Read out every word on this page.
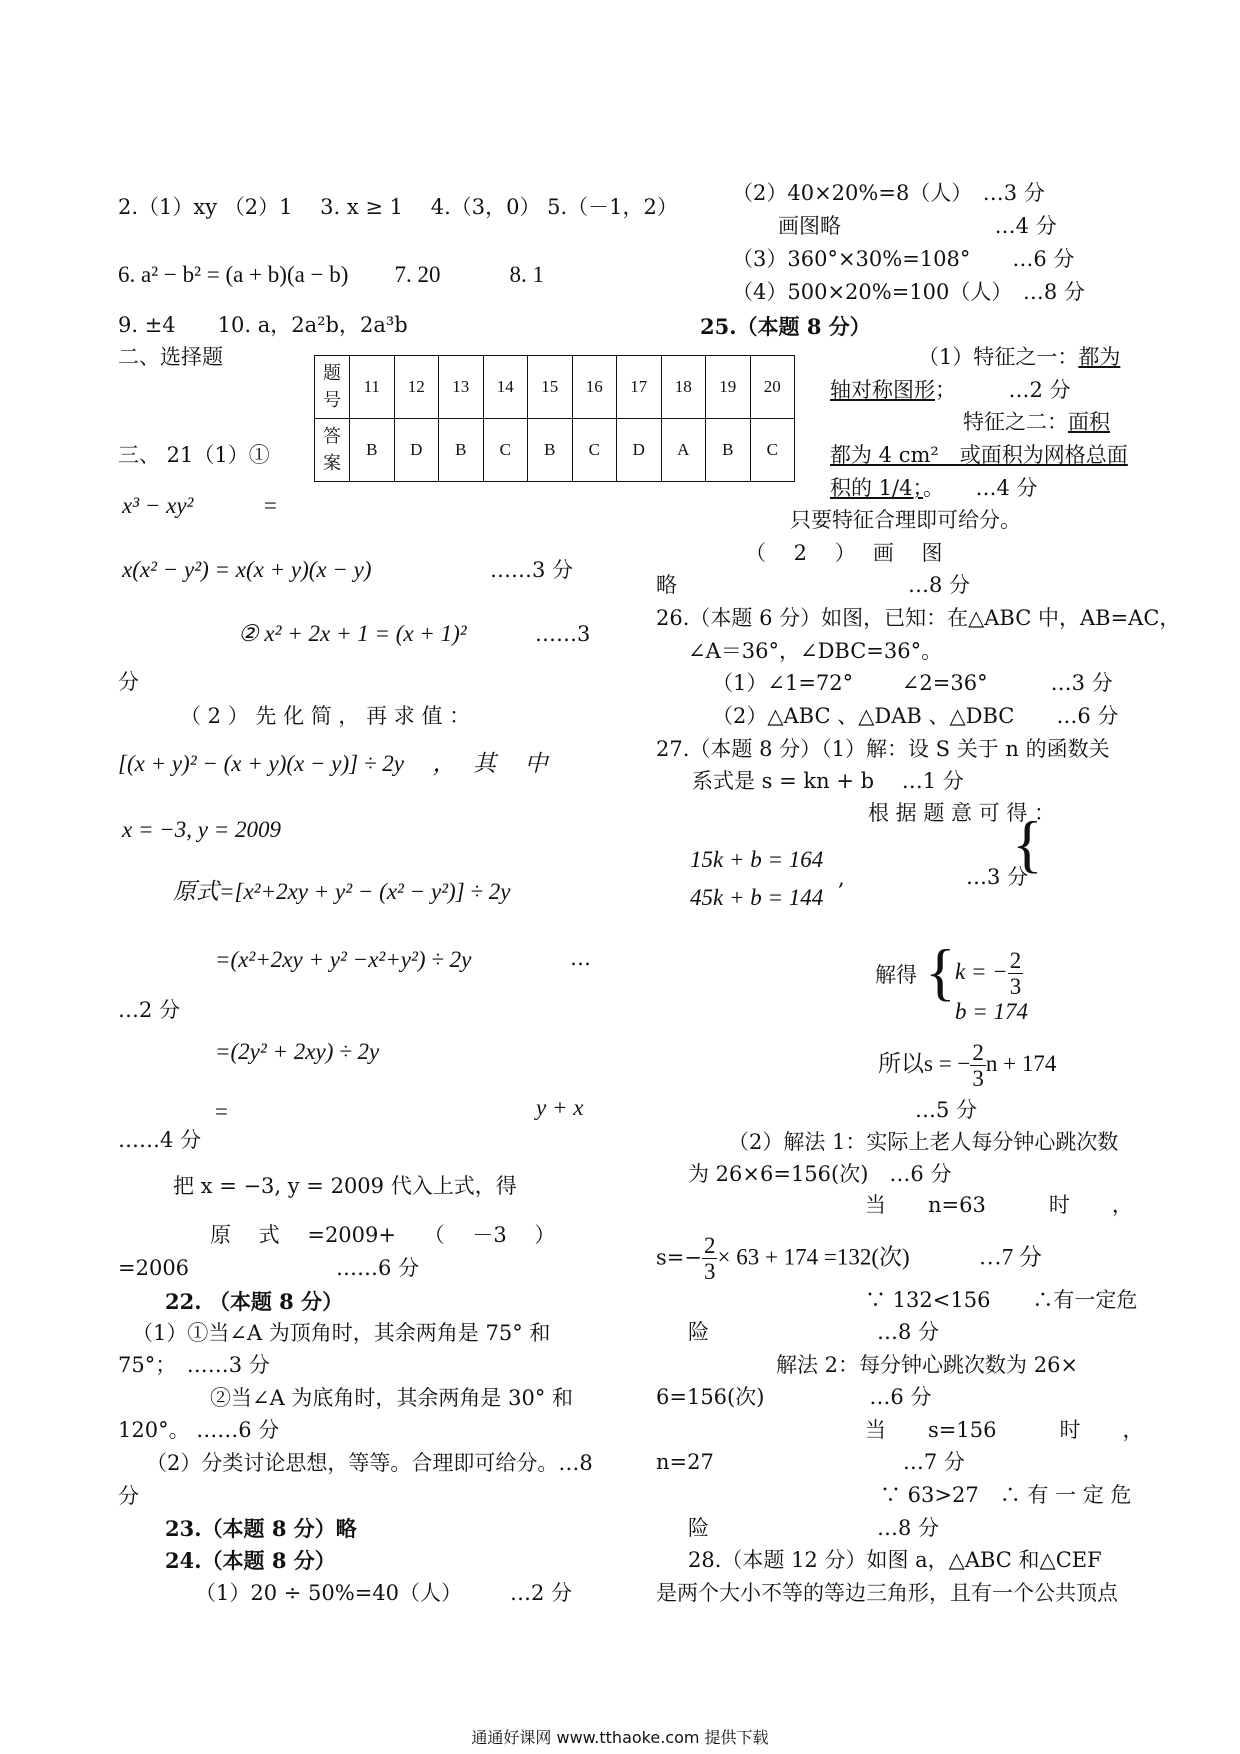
2.（1）xy （2）1　 3. x ≥ 1　 4.（3，0） 5.（－1，2）
6. a² − b² = (a + b)(a − b)　　7. 20　　　8. 1
9. ±4　　10. a，2a²b，2a³b
二、选择题
三、 21（1）①
x³ − xy²　　　=
x(x² − y²) = x(x + y)(x − y)	……3 分
② x² + 2x + 1 = (x + 1)²	……3
分
（ 2 ） 先 化 简 ， 再 求 值 ：
[(x + y)² − (x + y)(x − y)] ÷ 2y　 ，　 其　 中
x = −3, y = 2009
原式=[x²+2xy + y² − (x² − y²)] ÷ 2y
=(x²+2xy + y² −x²+y²) ÷ 2y	…
…2 分
=(2y² + 2xy) ÷ 2y
=	y + x
……4 分
把 x = −3, y = 2009 代入上式，得
原　 式　 =2009+　 （　 －3　 ）
=2006　　　　　　　……6 分
22. （本题 8 分）
（1）①当∠A 为顶角时，其余两角是 75° 和
75°；　……3 分
②当∠A 为底角时，其余两角是 30° 和
120°。 ……6 分
（2）分类讨论思想，等等。合理即可给分。…8
分
23.（本题 8 分）略
24.（本题 8 分）
（1）20 ÷ 50%=40（人） …2 分
题号	11	12	13	14	15	16	17	18	19	20
答案	B	D	B	C	B	C	D	A	B	C
（2）40×20%=8（人）　…3 分
画图略　　　　　　　 …4 分
（3）360°×30%=108°　　…6 分
（4）500×20%=100（人）　…8 分
25.（本题 8 分）
（1）特征之一：都为
轴对称图形；　　　…2 分
特征之二：面积
都为 4 cm²　或面积为网格总面
积的 1/4；。　　…4 分
只要特征合理即可给分。
（　 2　 ）　 画　 图
略　　　　　　　　　　　…8 分
26.（本题 6 分）如图，已知：在△ABC 中，AB=AC，
∠A＝36°，∠DBC=36°。
（1）∠1=72°　　 ∠2=36°　　　…3 分
（2）△ABC 、△DAB 、△DBC　　…6 分
27.（本题 8 分）（1）解：设 S 关于 n 的函数关
系式是 s = kn + b　 …1 分
根 据 题 意 可 得 ：
{
15k + b = 164
45k + b = 144
,	…3 分
解得 { k = − $\frac{2}{3}$
b = 174
所以s = − $\frac{2}{3}$ n + 174
…5 分
（2）解法 1：实际上老人每分钟心跳次数
为 26×6=156(次)　…6 分
当　　n=63　　　时　　，
$s=- \frac{2}{3} \times 63 + 174 =132$(次)　　　…7 分
∵ 132<156　　∴有一定危
险　　　　　　　　…8 分
解法 2：每分钟心跳次数为 26×
6=156(次)　　　　　…6 分
当　　s=156　　　时　　，
n=27　　　　　　　　　…7 分
∵ 63>27　∴ 有 一 定 危
险　　　　　　　　…8 分
28.（本题 12 分）如图 a，△ABC 和△CEF
是两个大小不等的等边三角形，且有一个公共顶点
通通好课网 www.tthaoke.com 提供下载
